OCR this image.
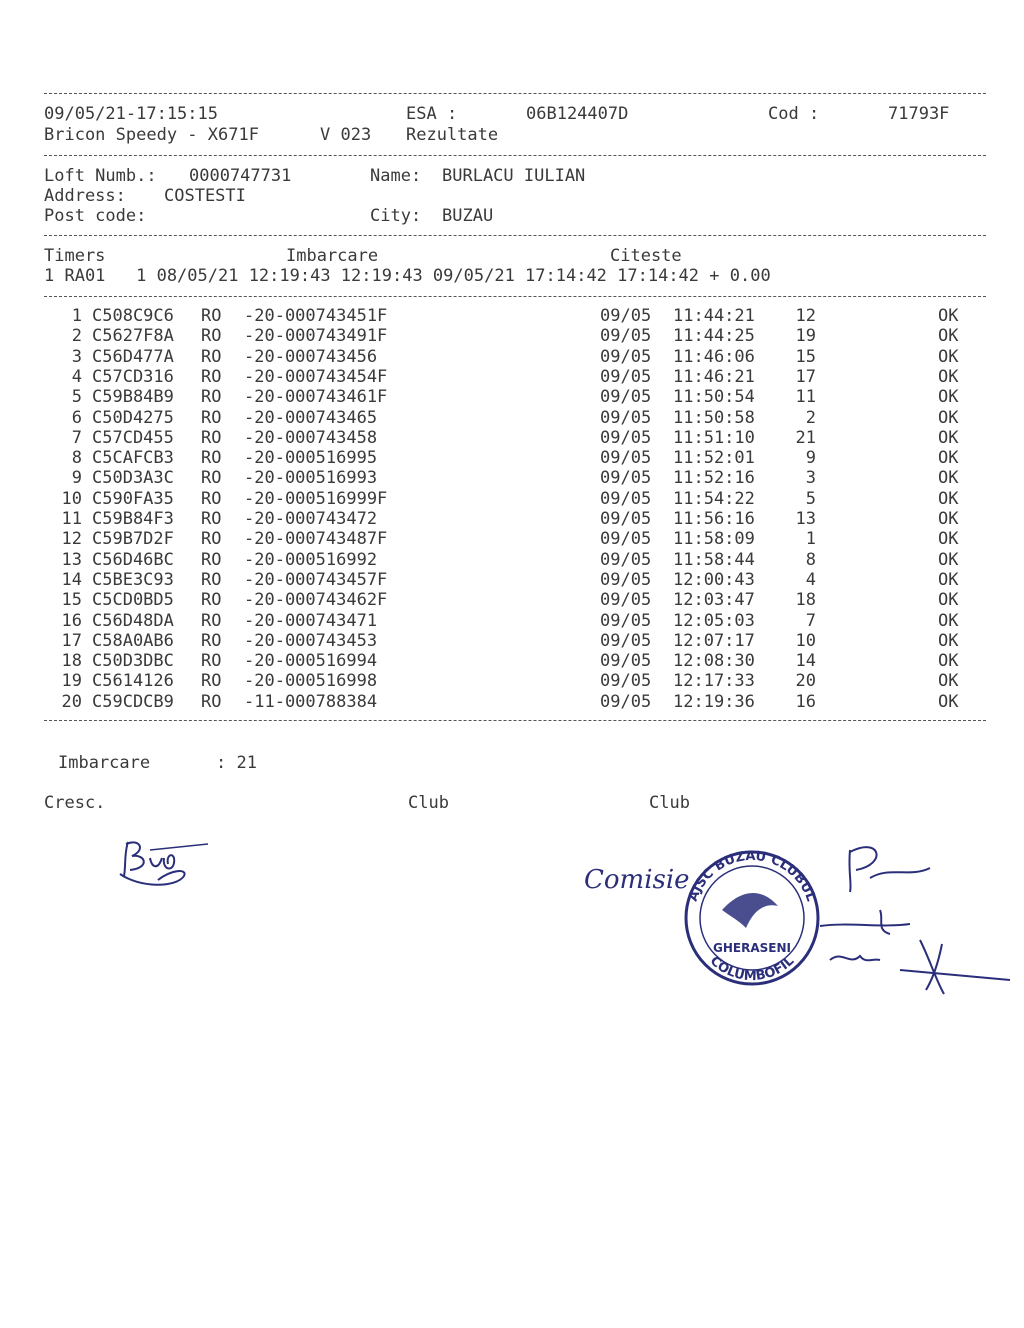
09/05/21-17:15:15	ESA :	06B124407D	Cod :	71793F
Bricon Speedy - X671F	V 023 Rezultate
Loft Numb.: 0000747731	Name: BURLACU IULIAN
Address: COSTESTI
Post code:	City: BUZAU
Timers	Imbarcare	Citeste
1 RA01   1 08/05/21 12:19:43 12:19:43 09/05/21 17:14:42 17:14:42 + 0.00
1 C508C9C6 RO -20-000743451F	09/05 11:44:21	12	OK
2 C5627F8A RO -20-000743491F	09/05 11:44:25	19	OK
3 C56D477A RO -20-000743456	09/05 11:46:06	15	OK
4 C57CD316 RO -20-000743454F	09/05 11:46:21	17	OK
5 C59B84B9 RO -20-000743461F	09/05 11:50:54	11	OK
6 C50D4275 RO -20-000743465	09/05 11:50:58	2	OK
7 C57CD455 RO -20-000743458	09/05 11:51:10	21	OK
8 C5CAFCB3 RO -20-000516995	09/05 11:52:01	9	OK
9 C50D3A3C RO -20-000516993	09/05 11:52:16	3	OK
10 C590FA35 RO -20-000516999F	09/05 11:54:22	5	OK
11 C59B84F3 RO -20-000743472	09/05 11:56:16	13	OK
12 C59B7D2F RO -20-000743487F	09/05 11:58:09	1	OK
13 C56D46BC RO -20-000516992	09/05 11:58:44	8	OK
14 C5BE3C93 RO -20-000743457F	09/05 12:00:43	4	OK
15 C5CD0BD5 RO -20-000743462F	09/05 12:03:47	18	OK
16 C56D48DA RO -20-000743471	09/05 12:05:03	7	OK
17 C58A0AB6 RO -20-000743453	09/05 12:07:17	10	OK
18 C50D3DBC RO -20-000516994	09/05 12:08:30	14	OK
19 C5614126 RO -20-000516998	09/05 12:17:33	20	OK
20 C59CDCB9 RO -11-000788384	09/05 12:19:36	16	OK
Imbarcare	: 21
Cresc.	Club	Club
Comisie
AJSC BUZAU CLUBUL
COLUMBOFIL
GHERASENI
